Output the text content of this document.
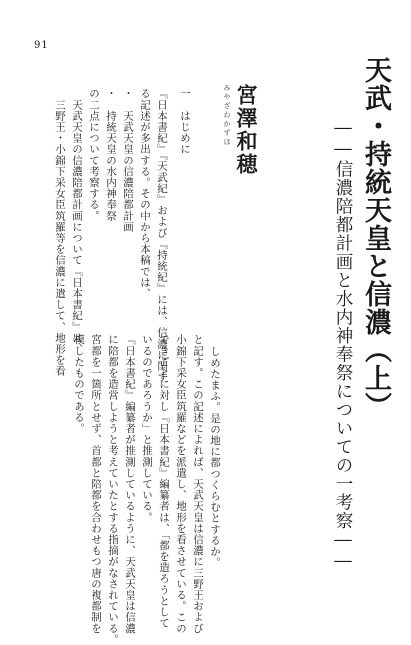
91
天武・持統天皇と信濃（上）
――信濃陪都計画と水内神奉祭についての一考察――
みやざわかずほ 宮澤和穂

一　はじめに

『日本書紀』『天武紀』および『持統紀』には、信濃に関す

る記述が多出する。その中から本稿では、

・　天武天皇の信濃陪都計画

・　持統天皇の水内神奉祭

の二点について考察する。

　天武天皇の信濃陪都計画について『日本書紀』は、

　三野王・小錦下采女臣筑羅等を信濃に遣して、地形を看

しめたまふ。是の地に都つくらむとするか。

と記す。この記述によれば、天武天皇は信濃に三野王および

小錦下采女臣筑羅などを派遣し、地形を看させている。この

できごとに対し『日本書紀』編纂者は、「都を造ろうとして

いるのであろうか」と推測している。

『日本書紀』編纂者が推測しているように、天武天皇は信濃

に陪都を造営しようと考えていたとする指摘がなされている。

宮都を一箇所とせず、首都と陪都を合わせもつ唐の複都制を

模したものである。
